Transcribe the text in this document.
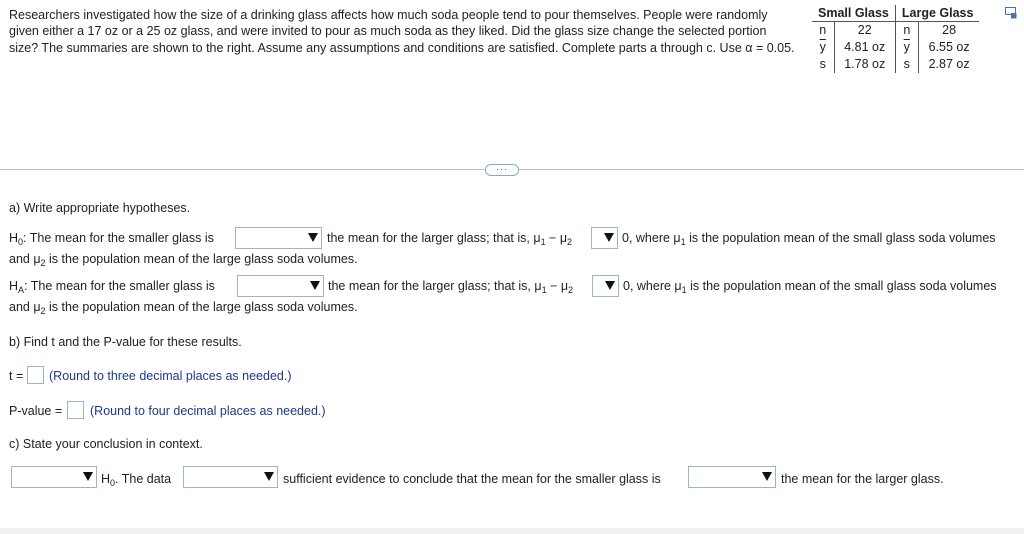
Researchers investigated how the size of a drinking glass affects how much soda people tend to pour themselves. People were randomly given either a 17 oz or a 25 oz glass, and were invited to pour as much soda as they liked. Did the glass size change the selected portion size? The summaries are shown to the right. Assume any assumptions and conditions are satisfied. Complete parts a through c. Use α = 0.05.
Small Glass		Large Glass	
n	22	n	28
$\overline{y}$	4.81 oz	$\overline{y}$	6.55 oz
s	1.78 oz	s	2.87 oz
···
a) Write appropriate hypotheses.
$H_0$: The mean for the smaller glass is	the mean for the larger glass; that is, $\mu_1 - \mu_2$	0, where $\mu_1$ is the population mean of the small glass soda volumes
and $\mu_2$ is the population mean of the large glass soda volumes.
$H_A$: The mean for the smaller glass is	the mean for the larger glass; that is, $\mu_1 - \mu_2$	0, where $\mu_1$ is the population mean of the small glass soda volumes
and $\mu_2$ is the population mean of the large glass soda volumes.
b) Find t and the P-value for these results.
t = (Round to three decimal places as needed.)
P-value = (Round to four decimal places as needed.)
c) State your conclusion in context.
$H_0$. The data	sufficient evidence to conclude that the mean for the smaller glass is	the mean for the larger glass.
